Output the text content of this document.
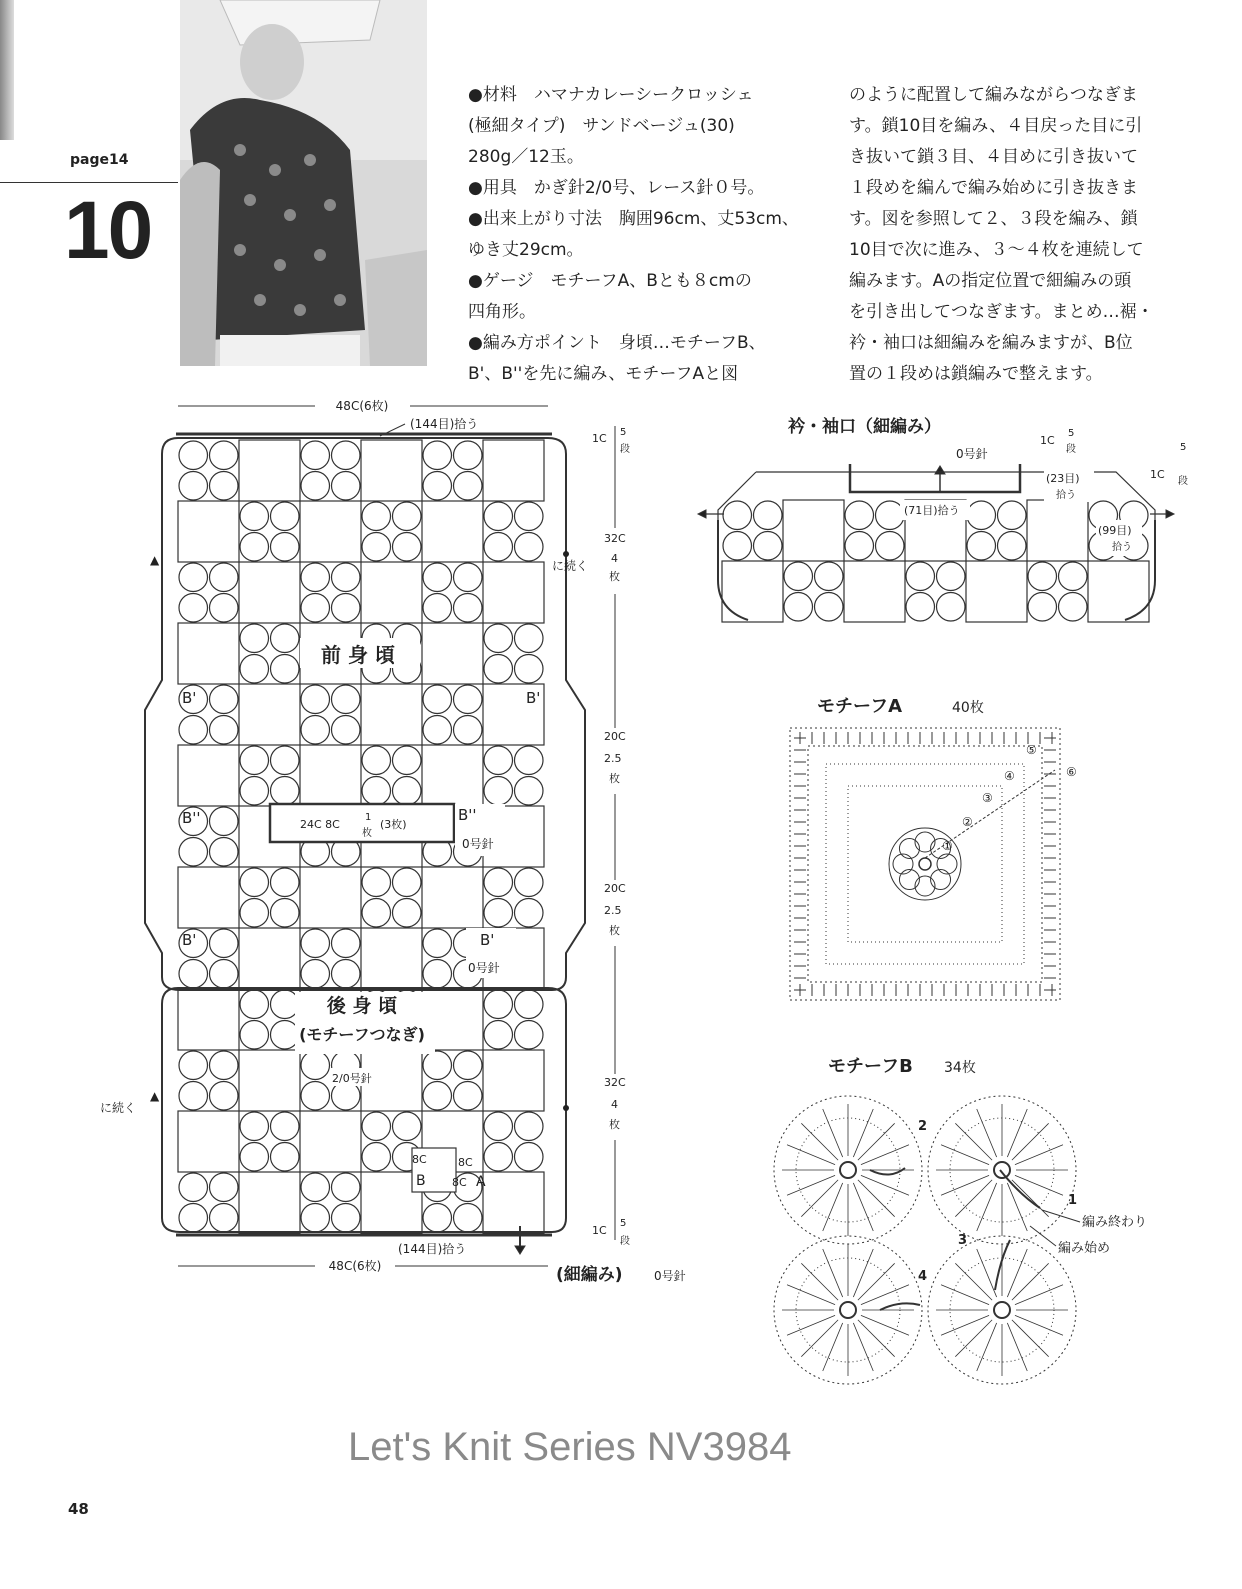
page14
10

●材料　ハマナカレーシークロッシェ

(極細タイプ)　サンドベージュ(30)

280g／12玉。

●用具　かぎ針2/0号、レース針０号。

●出来上がり寸法　胸囲96cm、丈53cm、

ゆき丈29cm。

●ゲージ　モチーフA、Bとも８cmの

四角形。

●編み方ポイント　身頃…モチーフB、

B'、B''を先に編み、モチーフAと図

のように配置して編みながらつなぎま

す。鎖10目を編み、４目戻った目に引

き抜いて鎖３目、４目めに引き抜いて

１段めを編んで編み始めに引き抜きま

す。図を参照して２、３段を編み、鎖

10目で次に進み、３～４枚を連続して

編みます。Aの指定位置で細編みの頭

を引き出してつなぎます。まとめ…裾・

衿・袖口は細編みを編みますが、B位

置の１段めは鎖編みで整えます。

48C(6枚)
(144目)拾う
24C 8C
1
枚
(3枚)
前 身 頃
後 身 頃
(モチーフつなぎ)
2/0号針
B'	B'
B''
B'
B''
0号針
B'
0号針
▲
▲
に続く
に続く
1C 5
段
32C
4
枚
20C
2.5
枚
20C
2.5
枚
32C
4
枚
1C
5
段
8C
B
8C
8C A
(144目)拾う
48C(6枚)	(細編み)	0号針
衿・袖口（細編み）
0号針
1C
5
段
1C
5
段
(71目)拾う
(23目)
拾う
(99目)
拾う
モチーフA	40枚
①
②
③
④
⑤
⑥
モチーフB 34枚
2
1
3
4
編み終わり
編み始め
Let's Knit Series NV3984
48
